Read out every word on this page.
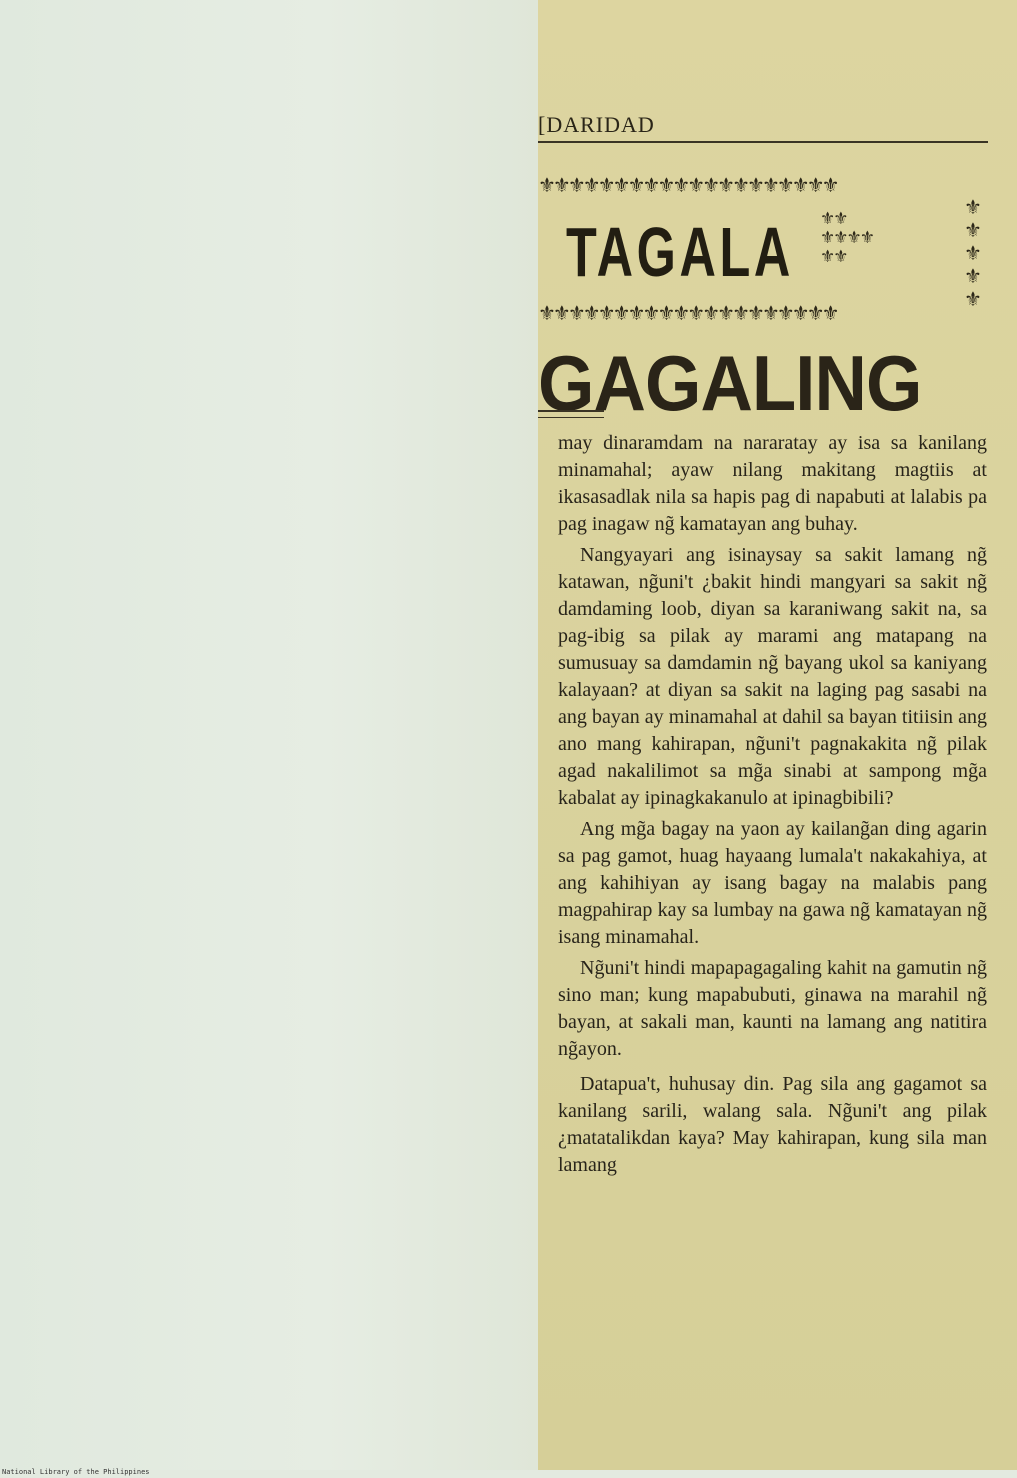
[DARIDAD
⚜⚜⚜⚜⚜⚜⚜⚜⚜⚜⚜⚜⚜⚜⚜⚜⚜⚜⚜⚜
⚜
⚜
⚜
⚜
⚜
⚜⚜
⚜⚜⚜⚜
⚜⚜
TAGALA
⚜⚜⚜⚜⚜⚜⚜⚜⚜⚜⚜⚜⚜⚜⚜⚜⚜⚜⚜⚜
GAGALING

may dinaramdam na nararatay ay isa sa kanilang minamahal; ayaw nilang makitang magtiis at ikasasadlak nila sa hapis pag di napabuti at lalabis pa pag inagaw ng̃ kamatayan ang buhay.

Nangyayari ang isinaysay sa sakit lamang ng̃ katawan, ng̃uni't ¿bakit hindi mangyari sa sakit ng̃ damdaming loob, diyan sa karaniwang sakit na, sa pag-ibig sa pilak ay marami ang matapang na sumusuay sa damdamin ng̃ bayang ukol sa kaniyang kalayaan? at diyan sa sakit na laging pag sasabi na ang bayan ay minamahal at dahil sa bayan titiisin ang ano mang kahirapan, ng̃uni't pagnakakita ng̃ pilak agad nakalilimot sa mg̃a sinabi at sampong mg̃a kabalat ay ipinagkakanulo at ipinagbibili?

Ang mg̃a bagay na yaon ay kailang̃an ding agarin sa pag gamot, huag hayaang lumala't nakakahiya, at ang kahihiyan ay isang bagay na malabis pang magpahirap kay sa lumbay na gawa ng̃ kamatayan ng̃ isang minamahal.

Ng̃uni't hindi mapapagagaling kahit na gamutin ng̃ sino man; kung mapabubuti, ginawa na marahil ng̃ bayan, at sakali man, kaunti na lamang ang natitira ng̃ayon.

Datapua't, huhusay din. Pag sila ang gagamot sa kanilang sarili, walang sala. Ng̃uni't ang pilak ¿matatalikdan kaya? May kahirapan, kung sila man lamang

National Library of the Philippines
